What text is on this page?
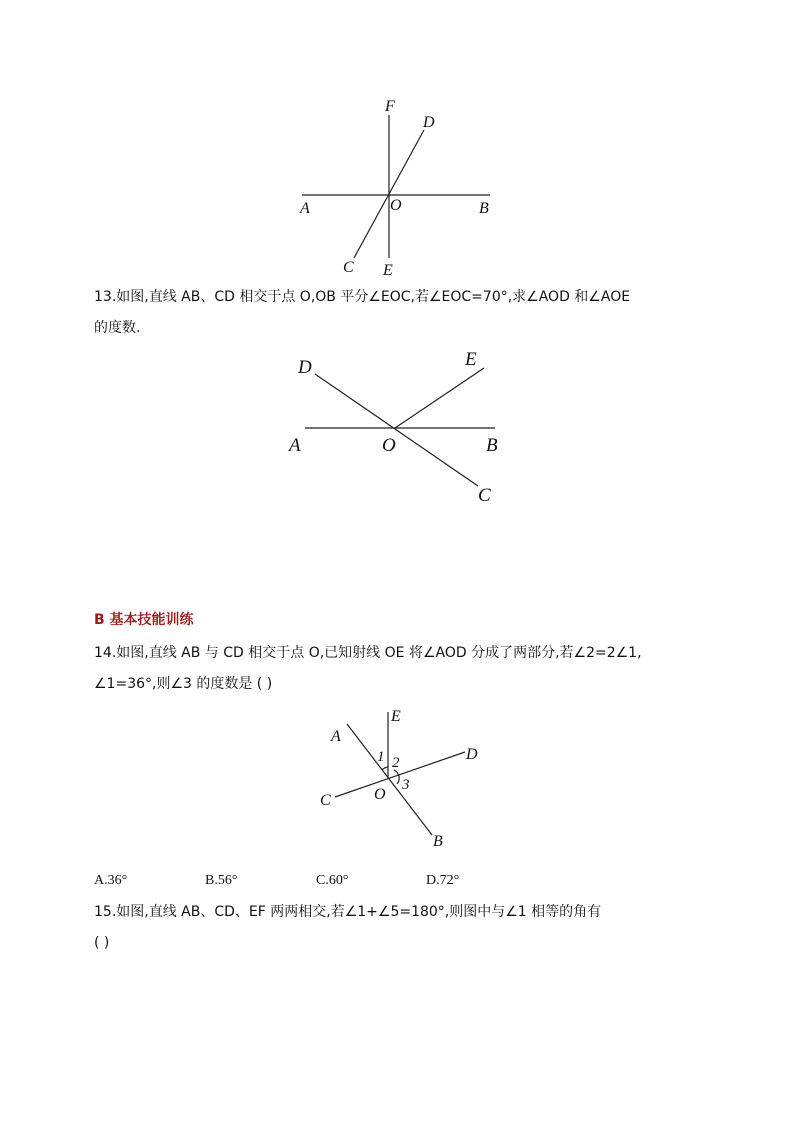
F
D
A	O	B
C E
13.如图,直线 AB、CD 相交于点 O,OB 平分∠EOC,若∠EOC=70°,求∠AOD 和∠AOE
的度数.
D	E
A	O	B
C
B 基本技能训练
14.如图,直线 AB 与 CD 相交于点 O,已知射线 OE 将∠AOD 分成了两部分,若∠2=2∠1,
∠1=36°,则∠3 的度数是 ( )
E
A
D
C	O
B
1 2
3
A.36°	B.56°	C.60°	D.72°
15.如图,直线 AB、CD、EF 两两相交,若∠1+∠5=180°,则图中与∠1 相等的角有
( )
